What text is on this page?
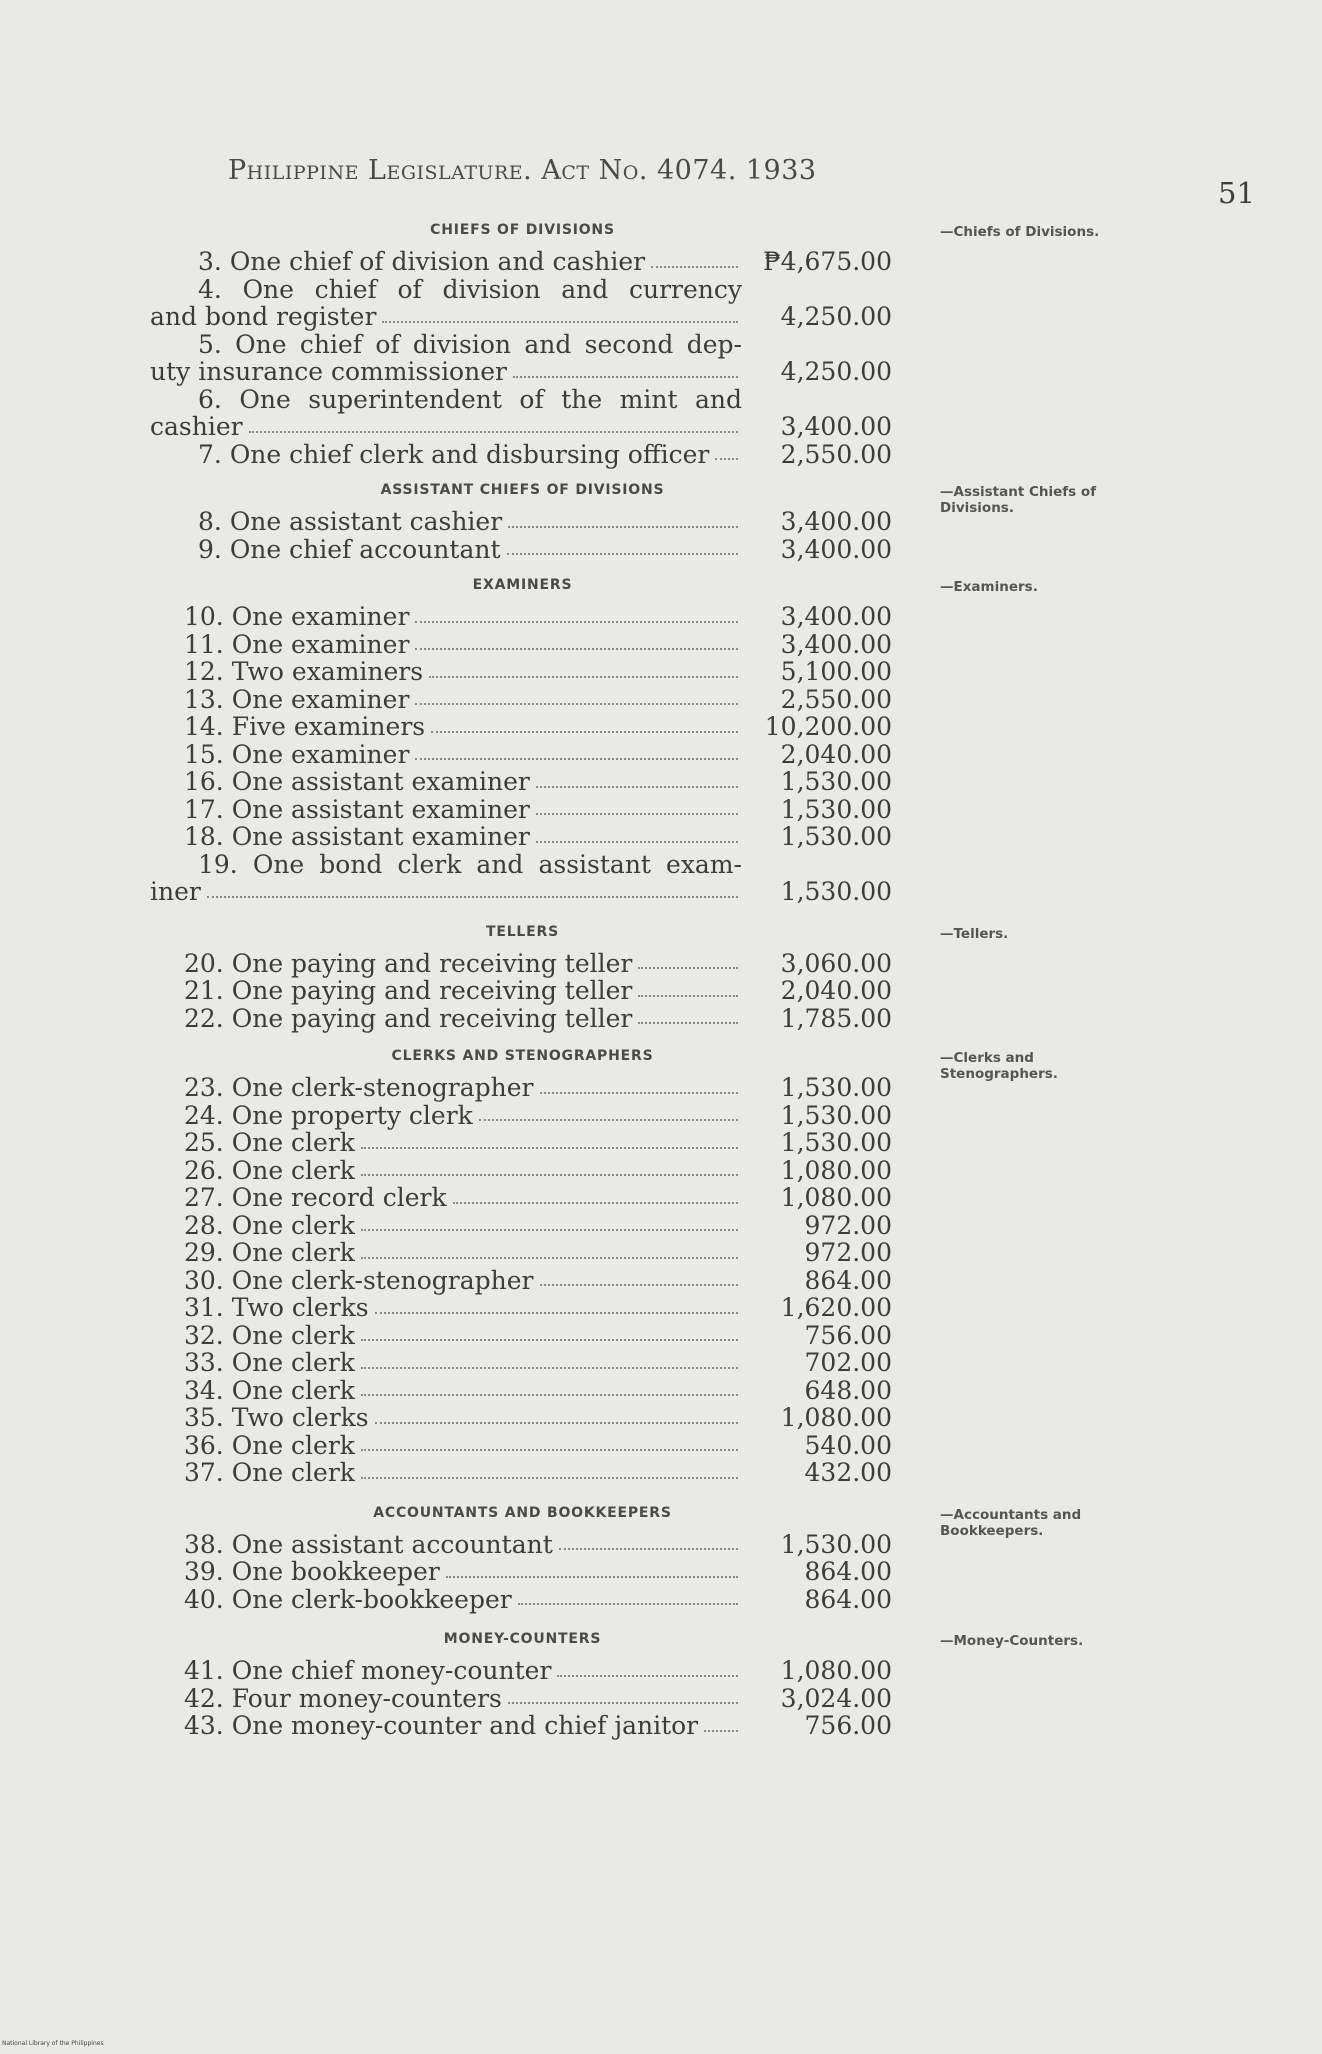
Philippine Legislature. Act No. 4074. 1933
51
CHIEFS OF DIVISIONS	—Chiefs of Divisions.
3. One chief of division and cashier	₱4,675.00
4. One chief of division and currency
and bond register	4,250.00
5. One chief of division and second dep-
uty insurance commissioner	4,250.00
6. One superintendent of the mint and
cashier	3,400.00
7. One chief clerk and disbursing officer	2,550.00
ASSISTANT CHIEFS OF DIVISIONS	—Assistant Chiefs of Divisions.
8. One assistant cashier	3,400.00
9. One chief accountant	3,400.00
EXAMINERS	—Examiners.
10. One examiner	3,400.00
11. One examiner	3,400.00
12. Two examiners	5,100.00
13. One examiner	2,550.00
14. Five examiners	10,200.00
15. One examiner	2,040.00
16. One assistant examiner	1,530.00
17. One assistant examiner	1,530.00
18. One assistant examiner	1,530.00
19. One bond clerk and assistant exam-
iner	1,530.00
TELLERS	—Tellers.
20. One paying and receiving teller	3,060.00
21. One paying and receiving teller	2,040.00
22. One paying and receiving teller	1,785.00
CLERKS AND STENOGRAPHERS	—Clerks and Stenographers.
23. One clerk-stenographer	1,530.00
24. One property clerk	1,530.00
25. One clerk	1,530.00
26. One clerk	1,080.00
27. One record clerk	1,080.00
28. One clerk	972.00
29. One clerk	972.00
30. One clerk-stenographer	864.00
31. Two clerks	1,620.00
32. One clerk	756.00
33. One clerk	702.00
34. One clerk	648.00
35. Two clerks	1,080.00
36. One clerk	540.00
37. One clerk	432.00
ACCOUNTANTS AND BOOKKEEPERS	—Accountants and Bookkeepers.
38. One assistant accountant	1,530.00
39. One bookkeeper	864.00
40. One clerk-bookkeeper	864.00
MONEY-COUNTERS	—Money-Counters.
41. One chief money-counter	1,080.00
42. Four money-counters	3,024.00
43. One money-counter and chief janitor	756.00
National Library of the Philippines
